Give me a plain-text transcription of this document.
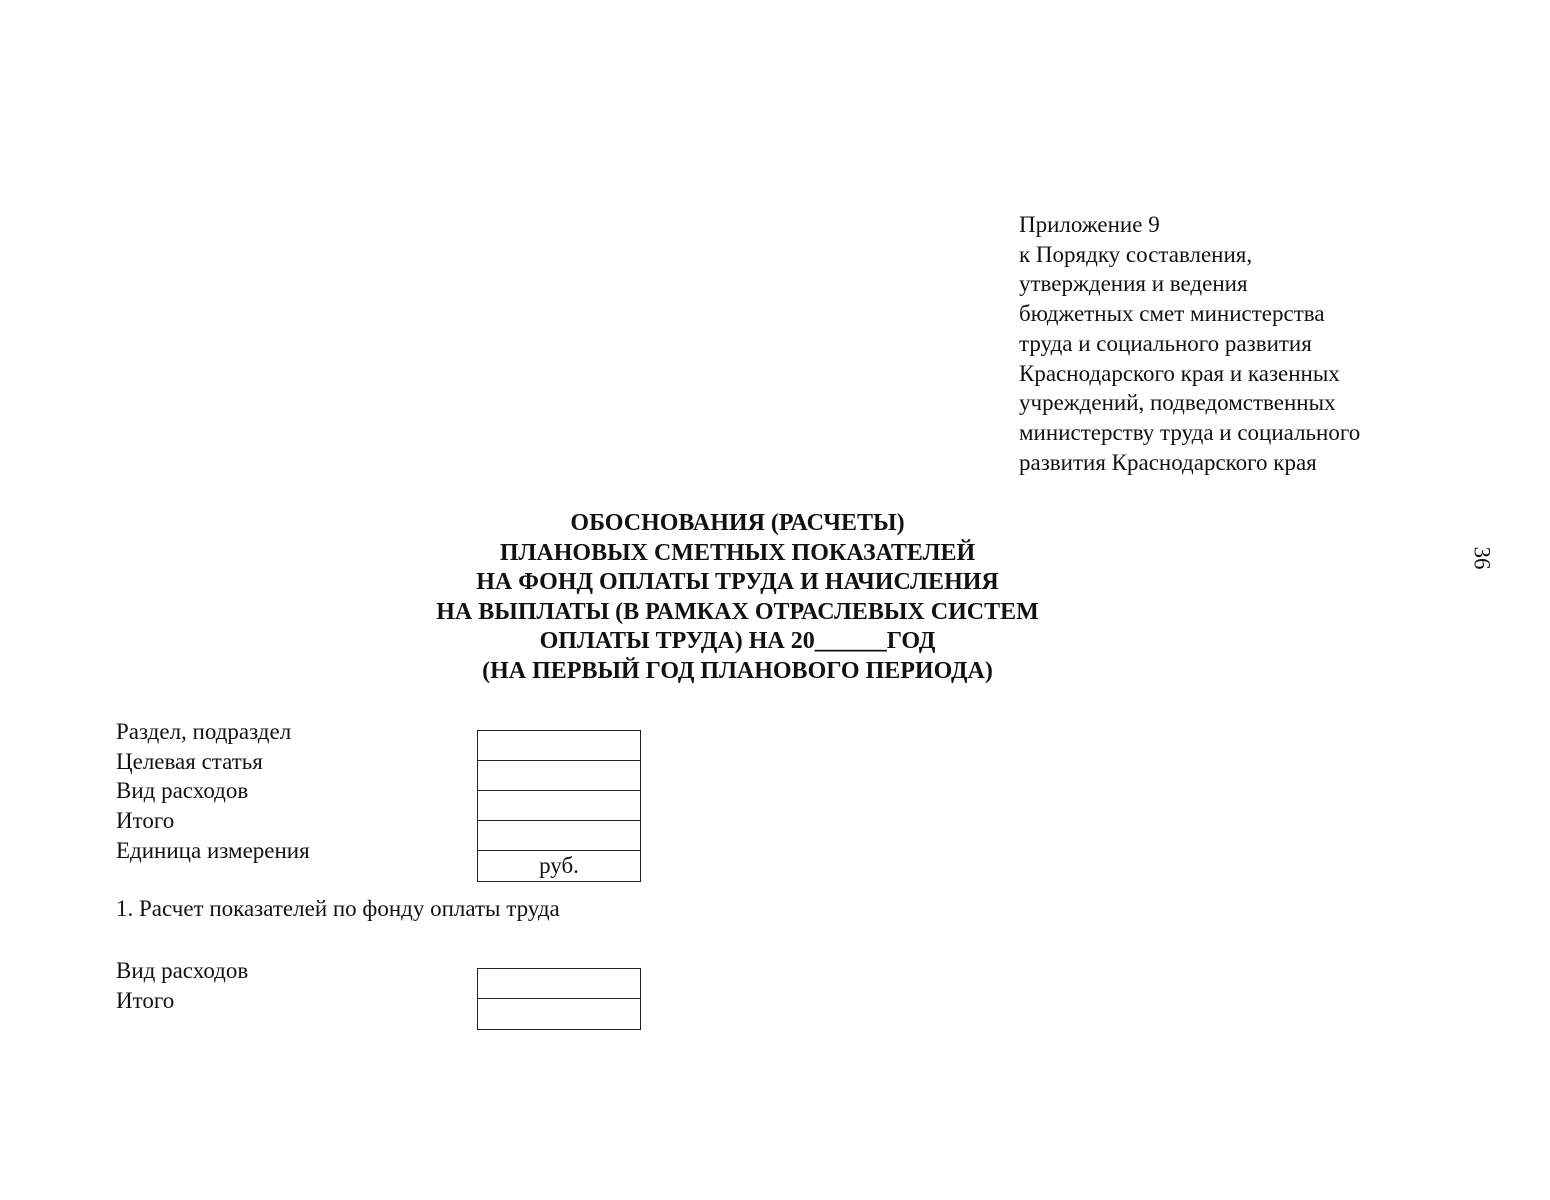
Приложение 9
к Порядку составления,
утверждения и ведения
бюджетных смет министерства
труда и социального развития
Краснодарского края и казенных
учреждений, подведомственных
министерству труда и социального
развития Краснодарского края
36
ОБОСНОВАНИЯ (РАСЧЕТЫ)
ПЛАНОВЫХ СМЕТНЫХ ПОКАЗАТЕЛЕЙ
НА ФОНД ОПЛАТЫ ТРУДА И НАЧИСЛЕНИЯ
НА ВЫПЛАТЫ (В РАМКАХ ОТРАСЛЕВЫХ СИСТЕМ
ОПЛАТЫ ТРУДА) НА 20______ГОД
(НА ПЕРВЫЙ ГОД ПЛАНОВОГО ПЕРИОДА)
Раздел, подраздел
Целевая статья
Вид расходов
Итого
Единица измерения
руб.
1. Расчет показателей по фонду оплаты труда
Вид расходов
Итого
